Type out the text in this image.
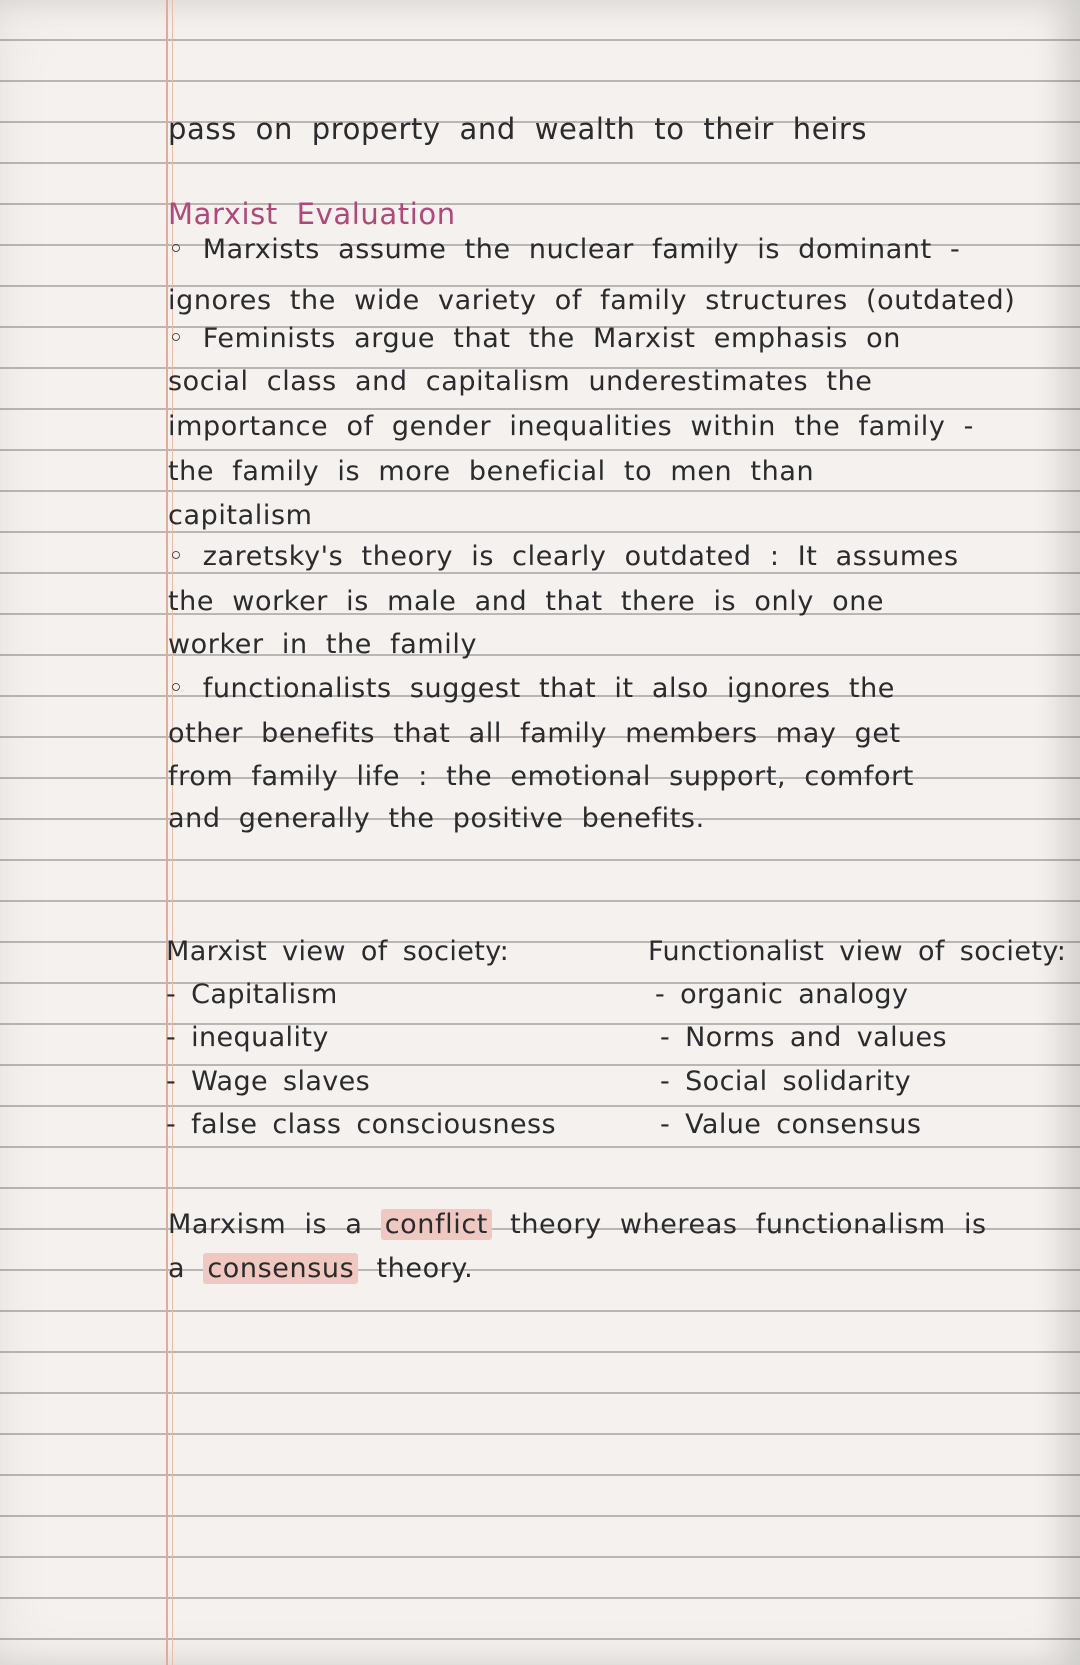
pass on property and wealth to their heirs
Marxist Evaluation
◦ Marxists assume the nuclear family is dominant -
ignores the wide variety of family structures (outdated)
◦ Feminists argue that the Marxist emphasis on
social class and capitalism underestimates the
importance of gender inequalities within the family -
the family is more beneficial to men than
capitalism
◦ zaretsky's theory is clearly outdated : It assumes
the worker is male and that there is only one
worker in the family
◦ functionalists suggest that it also ignores the
other benefits that all family members may get
from family life : the emotional support, comfort
and generally the positive benefits.
Marxist view of society:
- Capitalism
- inequality
- Wage slaves
- false class consciousness
Functionalist view of society:
- organic analogy
- Norms and values
- Social solidarity
- Value consensus
Marxism is a conflict theory whereas functionalism is
a consensus theory.
